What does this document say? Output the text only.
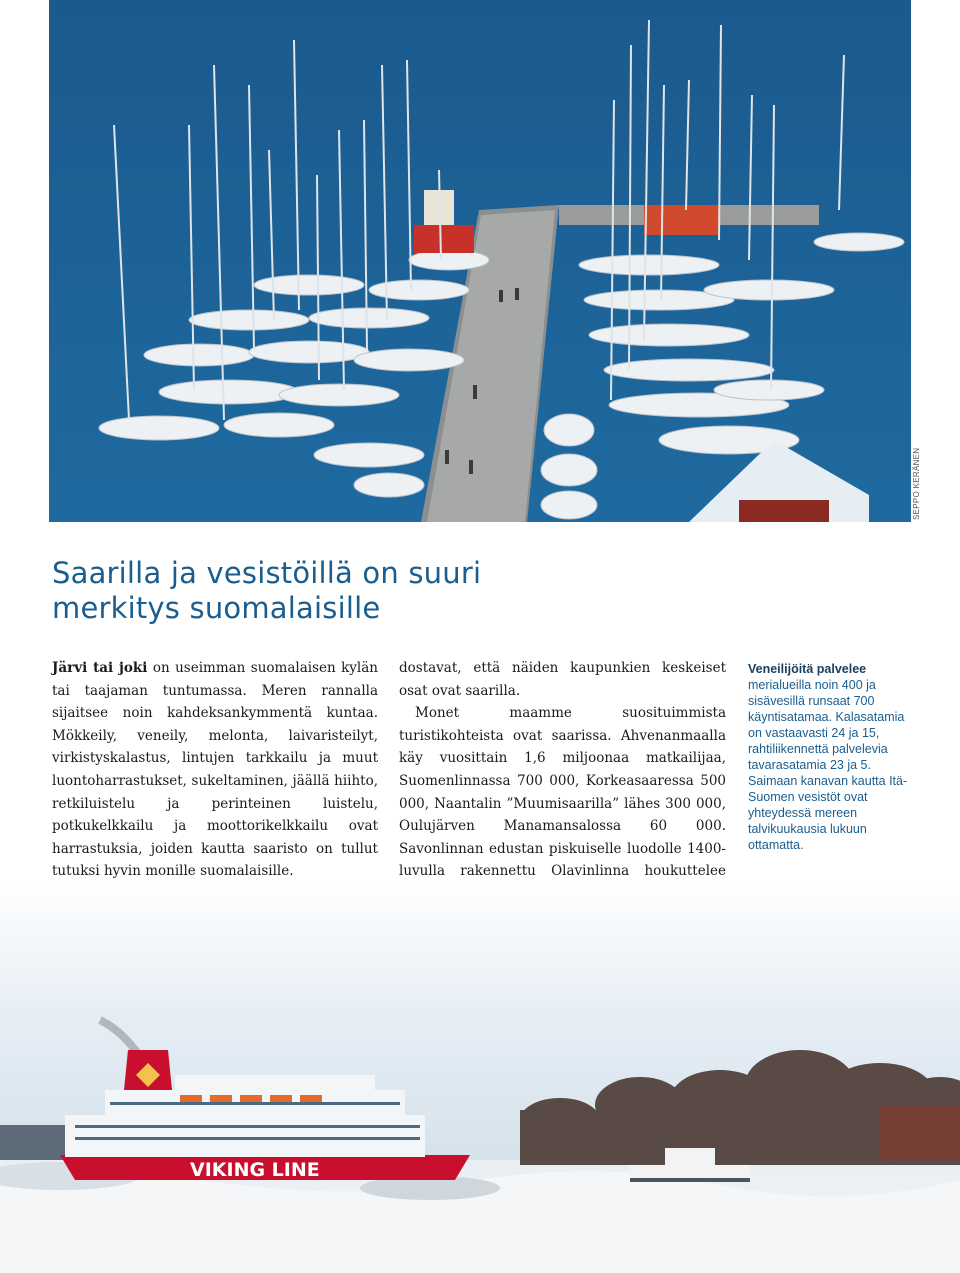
SEPPO KERÄNEN
Saarilla ja vesistöillä on suuri
merkitys suomalaisille

Järvi tai joki on useimman suomalaisen kylän tai taajaman tuntumassa. Meren rannalla sijaitsee noin kahdeksankymmentä kuntaa. Mökkeily, veneily, melonta, laivaristeilyt, virkistyskalastus, lintujen tarkkailu ja muut luontoharrastukset, sukeltaminen, jäällä hiihto, retkiluistelu ja perinteinen luistelu, potkukelkkailu ja moottorikelkkailu ovat harrastuksia, joiden kautta saaristo on tullut tutuksi hyvin monille suomalaisille.

dostavat, että näiden kaupunkien keskeiset osat ovat saarilla.

Monet maamme suosituimmista turistikohteista ovat saarissa. Ahvenanmaalla käy vuosittain 1,6 miljoonaa matkailijaa, Suomenlinnassa 700 000, Korkeasaaressa 500 000, Naantalin ”Muumisaarilla” lähes 300 000, Oulujärven Manamansalossa 60 000. Savonlinnan edustan piskuiselle luodolle 1400- luvulla rakennettu Olavinlinna houkuttelee

Veneilijöitä palvelee
merialueilla noin 400 ja sisävesillä runsaat 700 käyntisatamaa. Kalasatamia on vastaavasti 24 ja 15, rahtiliikennettä palvelevia tavarasatamia 23 ja 5. Saimaan kanavan kautta Itä-Suomen vesistöt ovat yhteydessä mereen talvikuukausia lukuun ottamatta.
VIKING LINE
